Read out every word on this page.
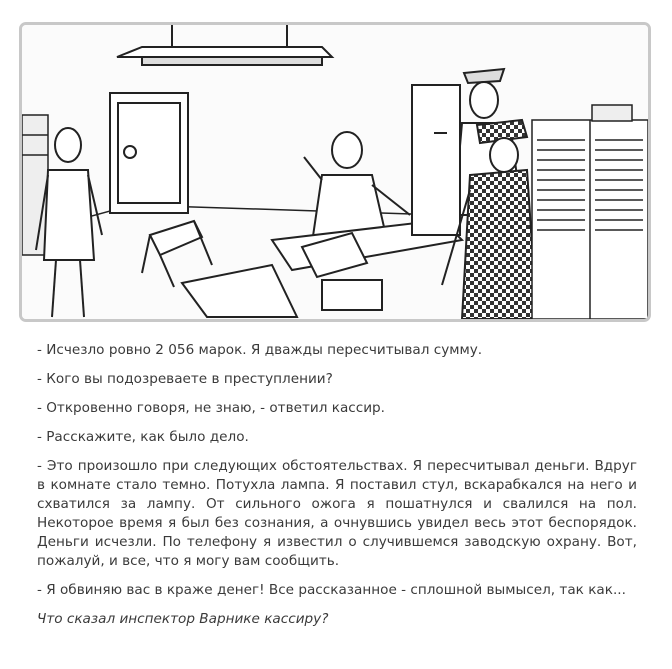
- Исчезло ровно 2 056 марок. Я дважды пересчитывал сумму.

- Кого вы подозреваете в преступлении?

- Откровенно говоря, не знаю, - ответил кассир.

- Расскажите, как было дело.

- Это произошло при следующих обстоятельствах. Я пересчитывал деньги. Вдруг в комнате стало темно. Потухла лампа. Я поставил стул, вскарабкался на него и схватился за лампу. От сильного ожога я пошатнулся и свалился на пол. Некоторое время я был без сознания, а очнувшись увидел весь этот беспорядок. Деньги исчезли. По телефону я известил о случившемся заводскую охрану. Вот, пожалуй, и все, что я могу вам сообщить.

- Я обвиняю вас в краже денег! Все рассказанное - сплошной вымысел, так как...

Что сказал инспектор Варнике кассиру?
